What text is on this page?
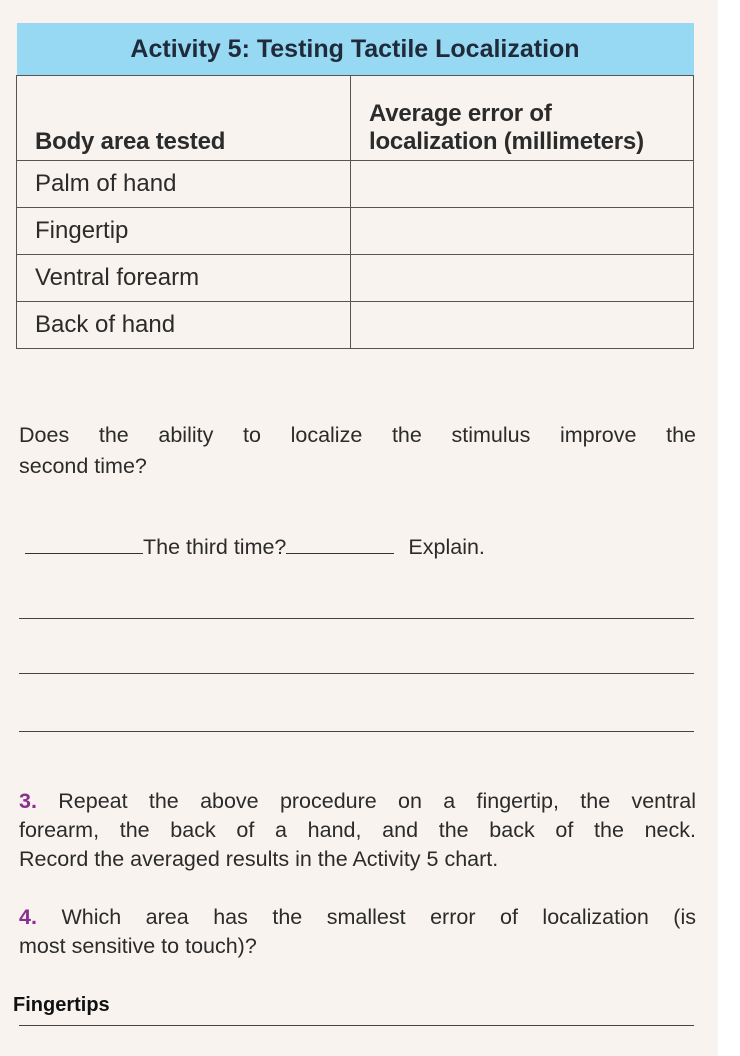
Activity 5: Testing Tactile Localization	
Body area tested	Average error of
localization (millimeters)
Palm of hand	
Fingertip	
Ventral forearm	
Back of hand	
Does the ability to localize the stimulus improve the
second time?
The third time?	Explain.
3. Repeat the above procedure on a fingertip, the ventral
forearm, the back of a hand, and the back of the neck.
Record the averaged results in the Activity 5 chart.
4. Which area has the smallest error of localization (is
most sensitive to touch)?
Fingertips
